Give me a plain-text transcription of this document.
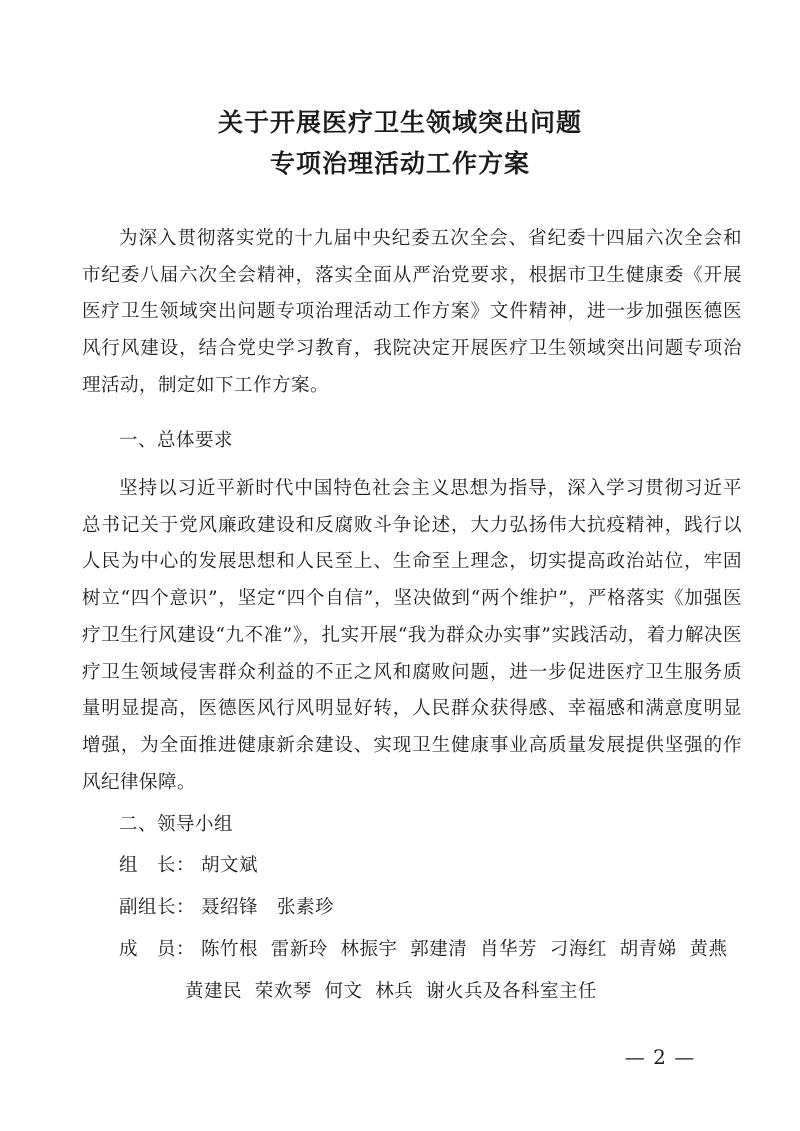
关于开展医疗卫生领域突出问题
专项治理活动工作方案

为深入贯彻落实党的十九届中央纪委五次全会、省纪委十四届六次全会和市纪委八届六次全会精神，落实全面从严治党要求，根据市卫生健康委《开展医疗卫生领域突出问题专项治理活动工作方案》文件精神，进一步加强医德医风行风建设，结合党史学习教育，我院决定开展医疗卫生领域突出问题专项治理活动，制定如下工作方案。

一、总体要求

坚持以习近平新时代中国特色社会主义思想为指导，深入学习贯彻习近平总书记关于党风廉政建设和反腐败斗争论述，大力弘扬伟大抗疫精神，践行以人民为中心的发展思想和人民至上、生命至上理念，切实提高政治站位，牢固树立“四个意识”，坚定“四个自信”，坚决做到“两个维护”，严格落实《加强医疗卫生行风建设“九不准”》，扎实开展“我为群众办实事”实践活动，着力解决医疗卫生领域侵害群众利益的不正之风和腐败问题，进一步促进医疗卫生服务质量明显提高，医德医风行风明显好转，人民群众获得感、幸福感和满意度明显增强，为全面推进健康新余建设、实现卫生健康事业高质量发展提供坚强的作风纪律保障。

二、领导小组
组　长： 胡文斌
副组长： 聂绍锋　张素珍
成　员： 陈竹根  雷新玲  林振宇  郭建清  肖华芳  刁海红  胡青娣  黄燕
黄建民  荣欢琴  何文  林兵  谢火兵及各科室主任
— 2 —
